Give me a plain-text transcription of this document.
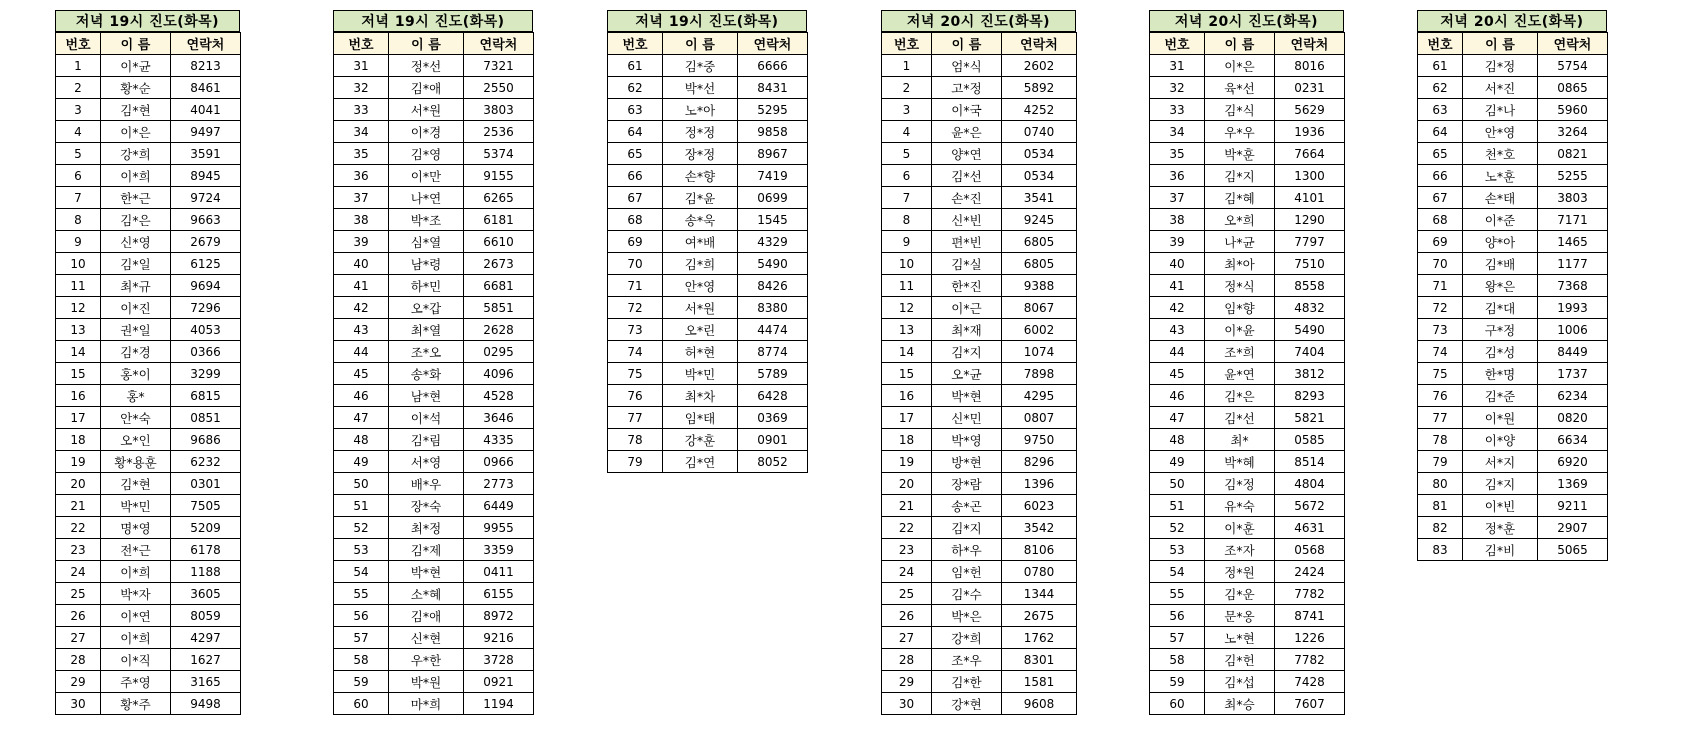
저녁 19시 진도(화목)
번호	이 름	연락처
1	이*균	8213
2	황*순	8461
3	김*현	4041
4	이*은	9497
5	강*희	3591
6	이*희	8945
7	한*근	9724
8	김*은	9663
9	신*영	2679
10	김*일	6125
11	최*규	9694
12	이*진	7296
13	권*일	4053
14	김*경	0366
15	홍*이	3299
16	홍*	6815
17	안*숙	0851
18	오*인	9686
19	황*용훈	6232
20	김*현	0301
21	박*민	7505
22	명*영	5209
23	전*근	6178
24	이*희	1188
25	박*자	3605
26	이*연	8059
27	이*희	4297
28	이*직	1627
29	주*영	3165
30	황*주	9498
저녁 19시 진도(화목)
번호	이 름	연락처
31	정*선	7321
32	김*애	2550
33	서*원	3803
34	이*경	2536
35	김*영	5374
36	이*만	9155
37	나*연	6265
38	박*조	6181
39	심*열	6610
40	남*령	2673
41	하*민	6681
42	오*갑	5851
43	최*열	2628
44	조*오	0295
45	송*화	4096
46	남*현	4528
47	이*석	3646
48	김*림	4335
49	서*영	0966
50	배*우	2773
51	장*숙	6449
52	최*정	9955
53	김*제	3359
54	박*현	0411
55	소*혜	6155
56	김*애	8972
57	신*현	9216
58	우*한	3728
59	박*원	0921
60	마*희	1194
저녁 19시 진도(화목)
번호	이 름	연락처
61	김*중	6666
62	박*선	8431
63	노*아	5295
64	정*정	9858
65	장*정	8967
66	손*향	7419
67	김*윤	0699
68	송*욱	1545
69	여*배	4329
70	김*희	5490
71	안*영	8426
72	서*원	8380
73	오*린	4474
74	허*현	8774
75	박*민	5789
76	최*차	6428
77	임*태	0369
78	강*훈	0901
79	김*연	8052
저녁 20시 진도(화목)
번호	이 름	연락처
1	엄*식	2602
2	고*정	5892
3	이*국	4252
4	윤*은	0740
5	양*연	0534
6	김*선	0534
7	손*진	3541
8	신*빈	9245
9	편*빈	6805
10	김*실	6805
11	한*진	9388
12	이*근	8067
13	최*재	6002
14	김*지	1074
15	오*균	7898
16	박*현	4295
17	신*민	0807
18	박*영	9750
19	방*현	8296
20	장*람	1396
21	송*곤	6023
22	김*지	3542
23	하*우	8106
24	임*헌	0780
25	김*수	1344
26	박*은	2675
27	강*희	1762
28	조*우	8301
29	김*한	1581
30	강*현	9608
저녁 20시 진도(화목)
번호	이 름	연락처
31	이*은	8016
32	육*선	0231
33	김*식	5629
34	우*우	1936
35	박*훈	7664
36	김*지	1300
37	김*혜	4101
38	오*희	1290
39	나*균	7797
40	최*아	7510
41	정*식	8558
42	임*향	4832
43	이*윤	5490
44	조*희	7404
45	윤*연	3812
46	김*은	8293
47	김*선	5821
48	최*	0585
49	박*혜	8514
50	김*정	4804
51	유*숙	5672
52	이*훈	4631
53	조*자	0568
54	정*원	2424
55	김*운	7782
56	문*옹	8741
57	노*현	1226
58	김*헌	7782
59	김*섭	7428
60	최*승	7607
저녁 20시 진도(화목)
번호	이 름	연락처
61	김*정	5754
62	서*진	0865
63	김*나	5960
64	안*영	3264
65	천*호	0821
66	노*훈	5255
67	손*태	3803
68	이*준	7171
69	양*아	1465
70	김*배	1177
71	왕*은	7368
72	김*대	1993
73	구*정	1006
74	김*성	8449
75	한*명	1737
76	김*준	6234
77	이*원	0820
78	이*양	6634
79	서*지	6920
80	김*지	1369
81	이*빈	9211
82	정*훈	2907
83	김*비	5065
